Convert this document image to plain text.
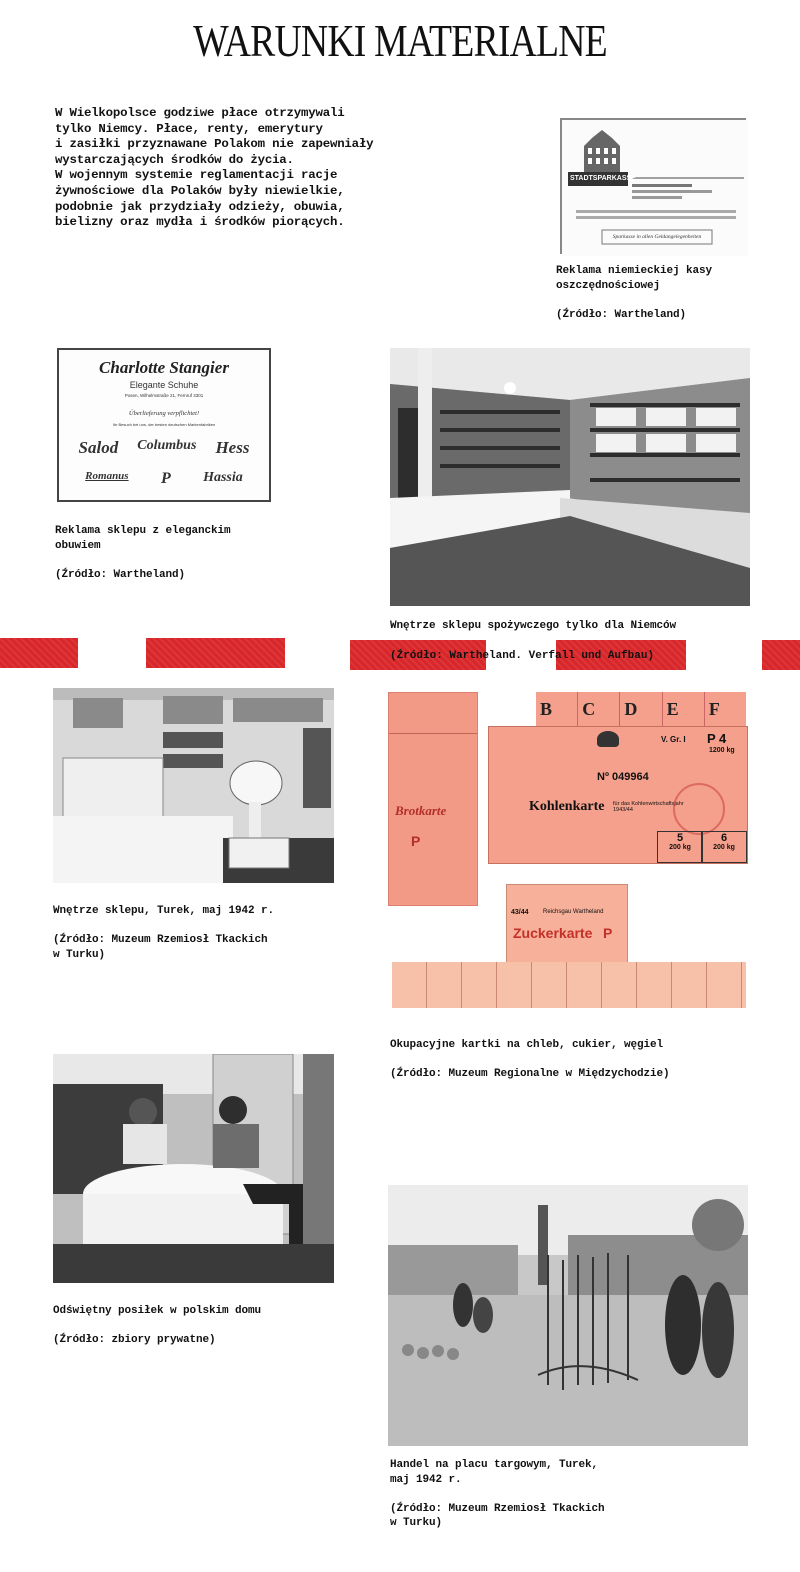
WARUNKI MATERIALNE
W Wielkopolsce godziwe płace otrzymywali
tylko Niemcy. Płace, renty, emerytury
i zasiłki przyznawane Polakom nie zapewniały
wystarczających środków do życia.
W wojennym systemie reglamentacji racje
żywnościowe dla Polaków były niewielkie,
podobnie jak przydziały odzieży, obuwia,
bielizny oraz mydła i środków piorących.
STADTSPARKASSE
Sparkasse in allen Geldangelegenheiten
Reklama niemieckiej kasy
oszczędnościowej

(Źródło: Wartheland)
Charlotte Stangier
Elegante Schuhe
Posen, Wilhelmstraße 21, Fernruf 3301
Überlieferung verpflichtet!
Ihr Besuch bei uns, der besten deutschen Markenfabriken
Salod Columbus Hess
Romanus P Hassia
Reklama sklepu z eleganckim
obuwiem

(Źródło: Wartheland)
Wnętrze sklepu spożywczego tylko dla Niemców
(Źródło: Wartheland. Verfall und Aufbau)
Wnętrze sklepu, Turek, maj 1942 r.

(Źródło: Muzeum Rzemiosł Tkackich
w Turku)
Brotkarte
P
B	C	D	E	F
V. Gr. I P 4
1200 kg
Nº 049964
Kohlenkarte für das Kohlenwirtschaftsjahr 1943/44
5
200 kg
6
200 kg
43/44 Reichsgau Wartheland
Zuckerkarte P
Okupacyjne kartki na chleb, cukier, węgiel

(Źródło: Muzeum Regionalne w Międzychodzie)
Odświętny posiłek w polskim domu

(Źródło: zbiory prywatne)
Handel na placu targowym, Turek,
maj 1942 r.

(Źródło: Muzeum Rzemiosł Tkackich
w Turku)
